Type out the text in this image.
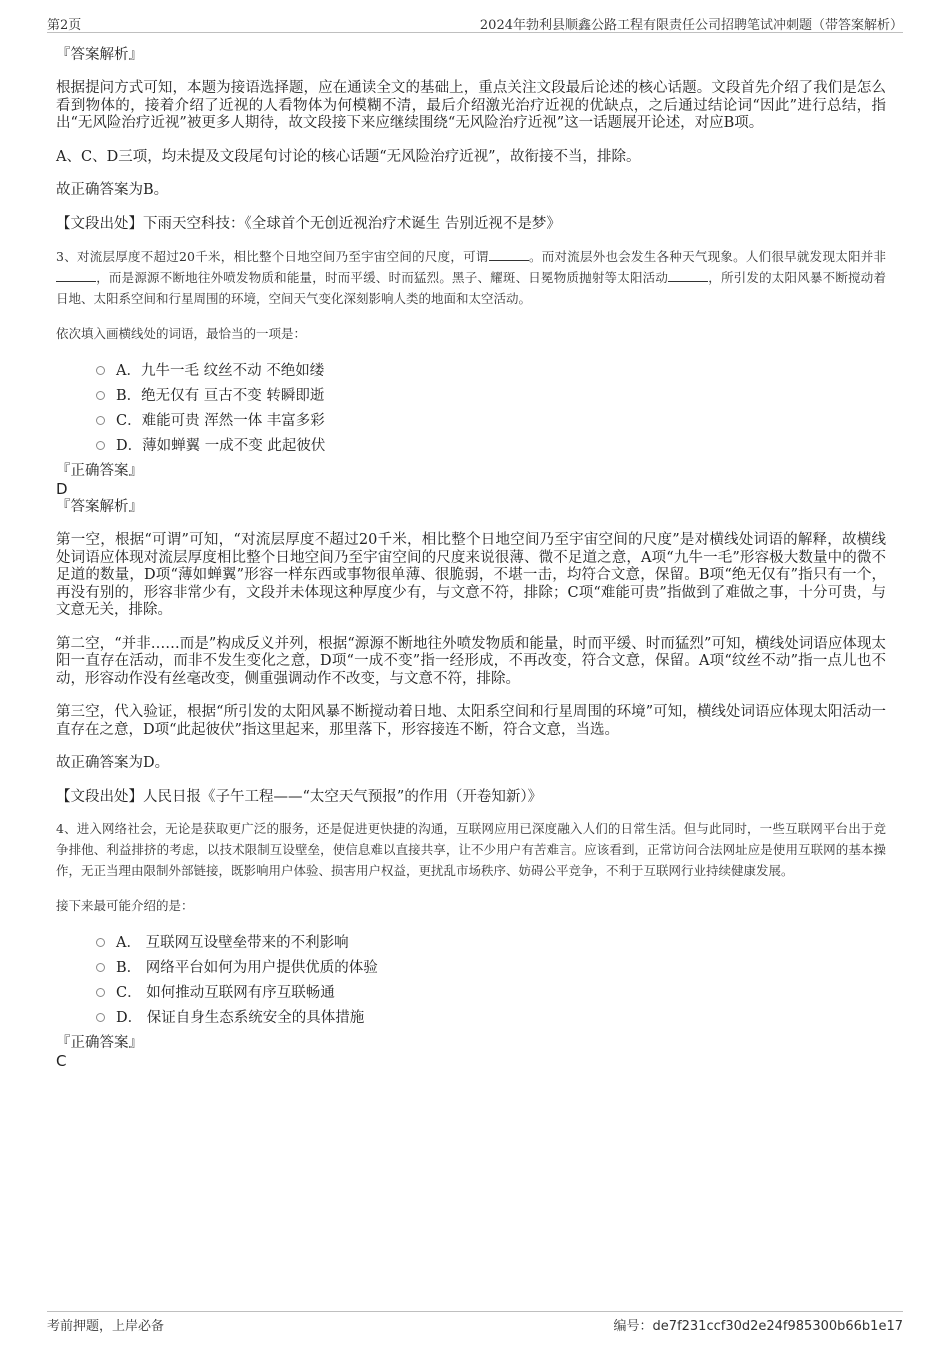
第2页	2024年勃利县顺鑫公路工程有限责任公司招聘笔试冲刺题（带答案解析）

『答案解析』

根据提问方式可知，本题为接语选择题，应在通读全文的基础上，重点关注文段最后论述的核心话题。文段首先介绍了我们是怎么看到物体的，接着介绍了近视的人看物体为何模糊不清，最后介绍激光治疗近视的优缺点，之后通过结论词“因此”进行总结，指出“无风险治疗近视”被更多人期待，故文段接下来应继续围绕“无风险治疗近视”这一话题展开论述，对应B项。

A、C、D三项，均未提及文段尾句讨论的核心话题“无风险治疗近视”，故衔接不当，排除。

故正确答案为B。

【文段出处】下雨天空科技：《全球首个无创近视治疗术诞生 告别近视不是梦》

3、对流层厚度不超过20千米，相比整个日地空间乃至宇宙空间的尺度，可谓	。而对流层外也会发生各种天气现象。人们很早就发现太阳并非，而是源源不断地往外喷发物质和能量，时而平缓、时而猛烈。黑子、耀斑、日冕物质抛射等太阳活动	，所引发的太阳风暴不断搅动着日地、太阳系空间和行星周围的环境，空间天气变化深刻影响人类的地面和太空活动。

依次填入画横线处的词语，最恰当的一项是：

A．九牛一毛 纹丝不动 不绝如缕
B．绝无仅有 亘古不变 转瞬即逝
C．难能可贵 浑然一体 丰富多彩
D．薄如蝉翼 一成不变 此起彼伏

『正确答案』

D

『答案解析』

第一空，根据“可谓”可知，“对流层厚度不超过20千米，相比整个日地空间乃至宇宙空间的尺度”是对横线处词语的解释，故横线处词语应体现对流层厚度相比整个日地空间乃至宇宙空间的尺度来说很薄、微不足道之意，A项“九牛一毛”形容极大数量中的微不足道的数量，D项“薄如蝉翼”形容一样东西或事物很单薄、很脆弱，不堪一击，均符合文意，保留。B项“绝无仅有”指只有一个，再没有别的，形容非常少有，文段并未体现这种厚度少有，与文意不符，排除；C项“难能可贵”指做到了难做之事，十分可贵，与文意无关，排除。

第二空，“并非……而是”构成反义并列，根据“源源不断地往外喷发物质和能量，时而平缓、时而猛烈”可知，横线处词语应体现太阳一直存在活动，而非不发生变化之意，D项“一成不变”指一经形成，不再改变，符合文意，保留。A项“纹丝不动”指一点儿也不动，形容动作没有丝毫改变，侧重强调动作不改变，与文意不符，排除。

第三空，代入验证，根据“所引发的太阳风暴不断搅动着日地、太阳系空间和行星周围的环境”可知，横线处词语应体现太阳活动一直存在之意，D项“此起彼伏”指这里起来，那里落下，形容接连不断，符合文意，当选。

故正确答案为D。

【文段出处】人民日报《子午工程——“太空天气预报”的作用（开卷知新）》

4、进入网络社会，无论是获取更广泛的服务，还是促进更快捷的沟通，互联网应用已深度融入人们的日常生活。但与此同时，一些互联网平台出于竞争排他、利益排挤的考虑，以技术限制互设壁垒，使信息难以直接共享，让不少用户有苦难言。应该看到，正常访问合法网址应是使用互联网的基本操作，无正当理由限制外部链接，既影响用户体验、损害用户权益，更扰乱市场秩序、妨碍公平竞争，不利于互联网行业持续健康发展。

接下来最可能介绍的是：

A． 互联网互设壁垒带来的不利影响
B． 网络平台如何为用户提供优质的体验
C． 如何推动互联网有序互联畅通
D． 保证自身生态系统安全的具体措施

『正确答案』

C

考前押题，上岸必备	编号：de7f231ccf30d2e24f985300b66b1e17
